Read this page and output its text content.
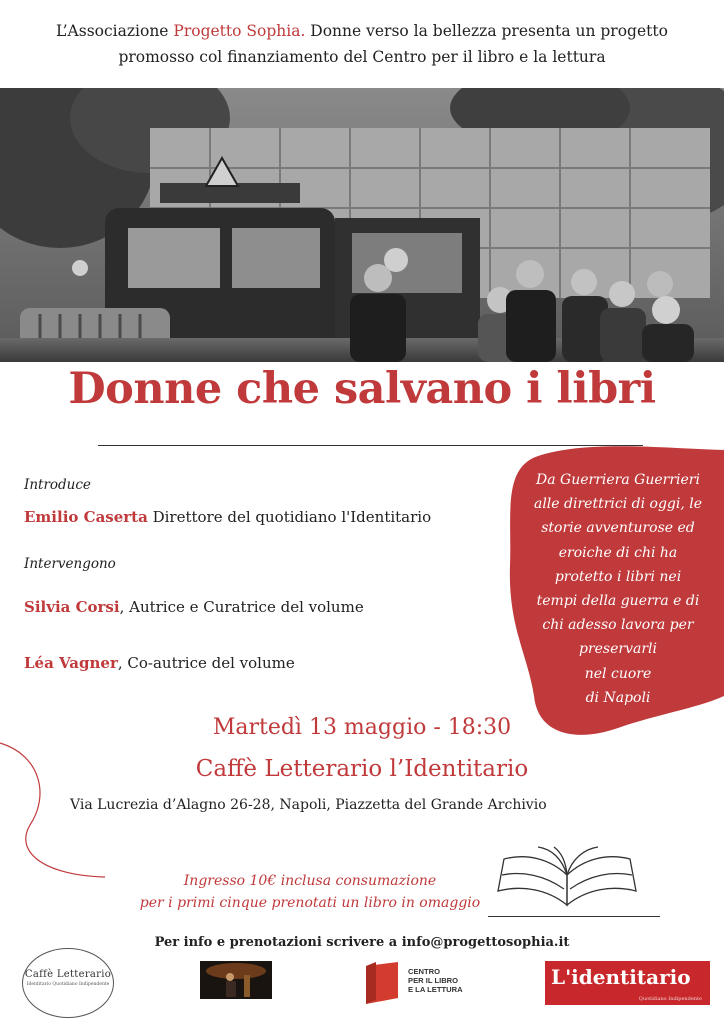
L’Associazione Progetto Sophia. Donne verso la bellezza presenta un progetto
promosso col finanziamento del Centro per il libro e la lettura
Donne che salvano i libri
Introduce
Emilio Caserta Direttore del quotidiano l'Identitario
Intervengono
Silvia Corsi, Autrice e Curatrice del volume
Léa Vagner, Co-autrice del volume
Da Guerriera Guerrieri
alle direttrici di oggi, le
storie avventurose ed
eroiche di chi ha
protetto i libri nei
tempi della guerra e di
chi adesso lavora per
preservarli
nel cuore
di Napoli
Martedì 13 maggio - 18:30
Caffè Letterario l’Identitario
Via Lucrezia d’Alagno 26-28, Napoli, Piazzetta del Grande Archivio
Ingresso 10€ inclusa consumazione
per i primi cinque prenotati un libro in omaggio
Per info e prenotazioni scrivere a info@progettosophia.it
Caffè Letterario
Identitario Quotidiano Indipendente
CENTRO
PER IL LIBRO
E LA LETTURA
L'identitario
Quotidiano Indipendente
